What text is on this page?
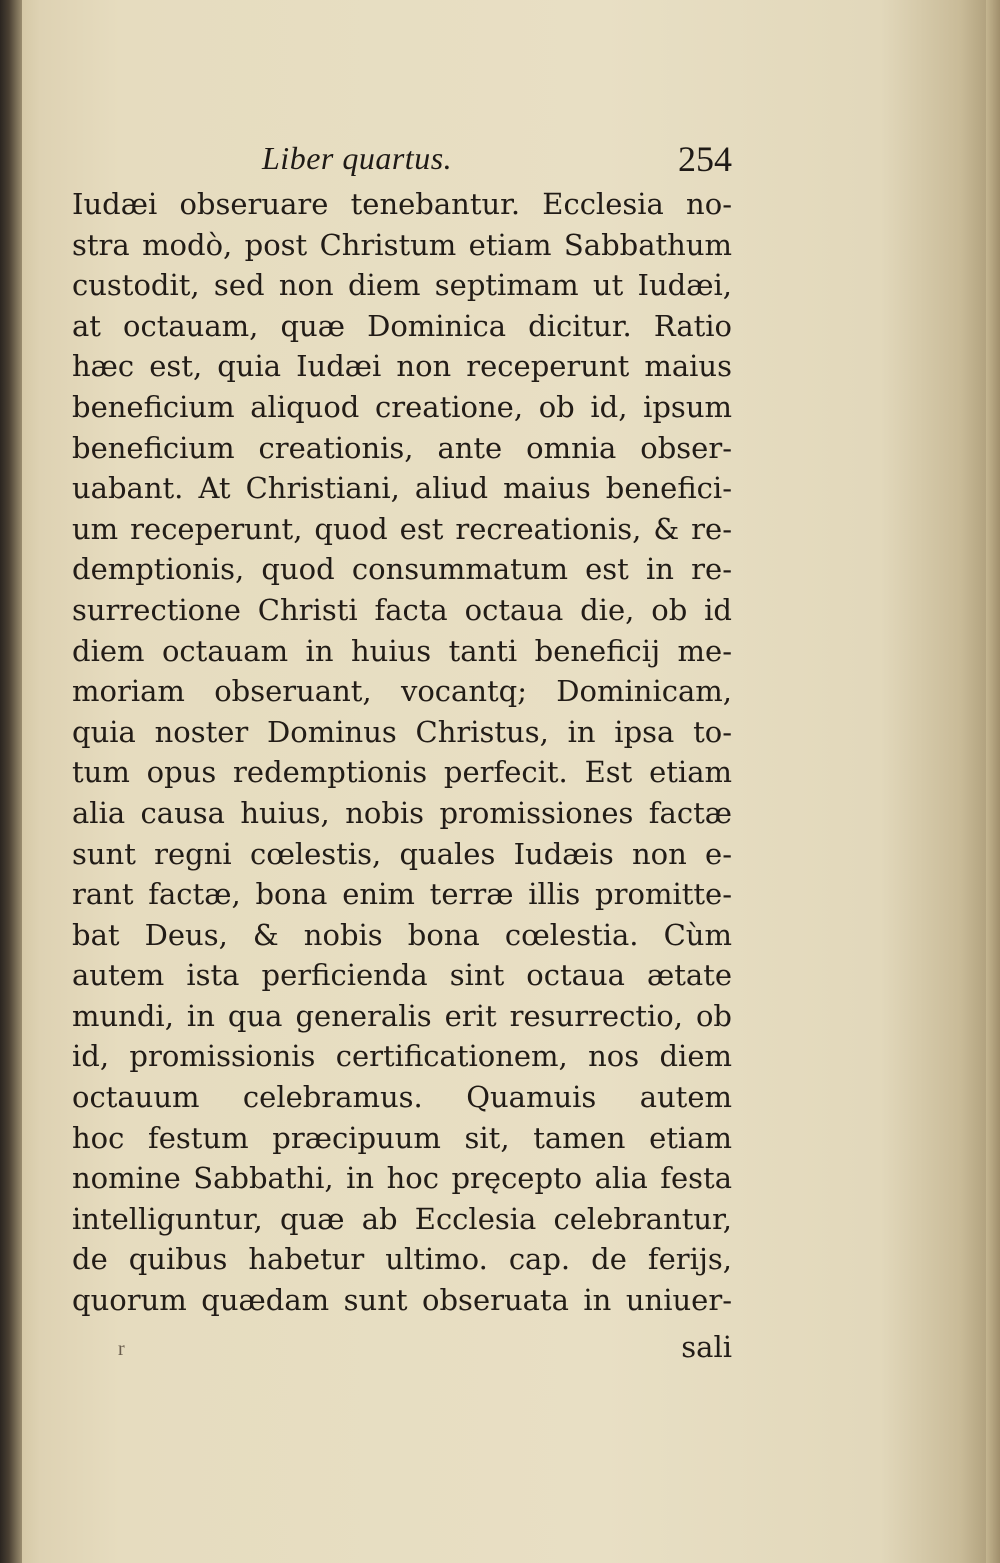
Liber quartus.	254
Iudæi obseruare tenebantur. Ecclesia no-
stra modò, post Christum etiam Sabbathum
custodit, sed non diem septimam ut Iudæi,
at octauam, quæ Dominica dicitur. Ratio
hæc est, quia Iudæi non receperunt maius
beneficium aliquod creatione, ob id, ipsum
beneficium creationis, ante omnia obser-
uabant. At Christiani, aliud maius benefici-
um receperunt, quod est recreationis, & re-
demptionis, quod consummatum est in re-
surrectione Christi facta octaua die, ob id
diem octauam in huius tanti beneficij me-
moriam obseruant, vocantq; Dominicam,
quia noster Dominus Christus, in ipsa to-
tum opus redemptionis perfecit. Est etiam
alia causa huius, nobis promissiones factæ
sunt regni cœlestis, quales Iudæis non e-
rant factæ, bona enim terræ illis promitte-
bat Deus, & nobis bona cœlestia. Cùm
autem ista perficienda sint octaua ætate
mundi, in qua generalis erit resurrectio, ob
id, promissionis certificationem, nos diem
octauum celebramus. Quamuis autem
hoc festum præcipuum sit, tamen etiam
nomine Sabbathi, in hoc pręcepto alia festa
intelliguntur, quæ ab Ecclesia celebrantur,
de quibus habetur ultimo. cap. de ferijs,
quorum quædam sunt obseruata in uniuer-
r	sali
